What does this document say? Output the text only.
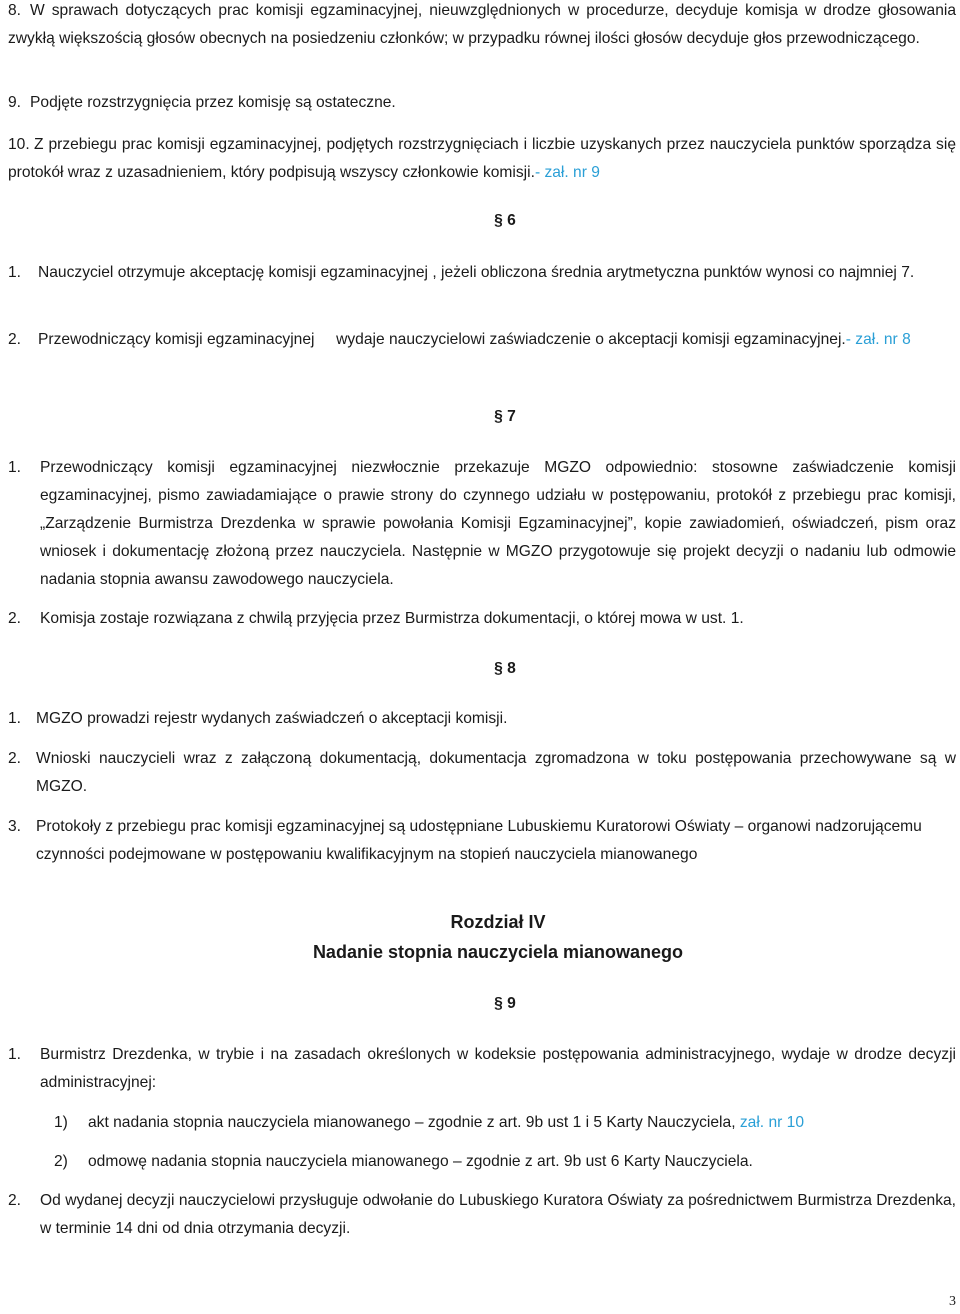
8. W sprawach dotyczących prac komisji egzaminacyjnej, nieuwzględnionych w procedurze, decyduje komisja w drodze głosowania zwykłą większością głosów obecnych na posiedzeniu członków; w przypadku równej ilości głosów decyduje głos przewodniczącego.
9. Podjęte rozstrzygnięcia przez komisję są ostateczne.
10. Z przebiegu prac komisji egzaminacyjnej, podjętych rozstrzygnięciach i liczbie uzyskanych przez nauczyciela punktów sporządza się protokół wraz z uzasadnieniem, który podpisują wszyscy członkowie komisji.- zał. nr 9
§ 6
1.	Nauczyciel otrzymuje akceptację komisji egzaminacyjnej , jeżeli obliczona średnia arytmetyczna punktów wynosi co najmniej 7.
2.	Przewodniczący komisji egzaminacyjnej     wydaje nauczycielowi zaświadczenie o akceptacji komisji egzaminacyjnej.- zał. nr 8
§ 7
1.	Przewodniczący komisji egzaminacyjnej niezwłocznie przekazuje MGZO odpowiednio: stosowne zaświadczenie komisji egzaminacyjnej, pismo zawiadamiające o prawie strony do czynnego udziału w postępowaniu, protokół z przebiegu prac komisji, „Zarządzenie Burmistrza Drezdenka w sprawie powołania Komisji Egzaminacyjnej”, kopie zawiadomień, oświadczeń, pism oraz wniosek i dokumentację złożoną przez nauczyciela. Następnie w MGZO przygotowuje się projekt decyzji o nadaniu lub odmowie nadania stopnia awansu zawodowego nauczyciela.
2.	Komisja zostaje rozwiązana z chwilą przyjęcia przez Burmistrza dokumentacji, o której mowa w ust. 1.
§ 8
1. MGZO prowadzi rejestr wydanych zaświadczeń o akceptacji komisji.
2. Wnioski nauczycieli wraz z załączoną dokumentacją, dokumentacja zgromadzona w toku postępowania przechowywane są w MGZO.
3. Protokoły z przebiegu prac komisji egzaminacyjnej są udostępniane Lubuskiemu Kuratorowi Oświaty – organowi nadzorującemu czynności podejmowane w postępowaniu kwalifikacyjnym na stopień nauczyciela mianowanego
Rozdział IV
Nadanie stopnia nauczyciela mianowanego
§ 9
1.	Burmistrz Drezdenka, w trybie i na zasadach określonych w kodeksie postępowania administracyjnego, wydaje w drodze decyzji administracyjnej:
1)	akt nadania stopnia nauczyciela mianowanego – zgodnie z art. 9b ust 1 i 5 Karty Nauczyciela, zał. nr 10
2)	odmowę nadania stopnia nauczyciela mianowanego – zgodnie z art. 9b ust 6 Karty Nauczyciela.
2.	Od wydanej decyzji nauczycielowi przysługuje odwołanie do Lubuskiego Kuratora Oświaty za pośrednictwem Burmistrza Drezdenka, w terminie 14 dni od dnia otrzymania decyzji.
3
